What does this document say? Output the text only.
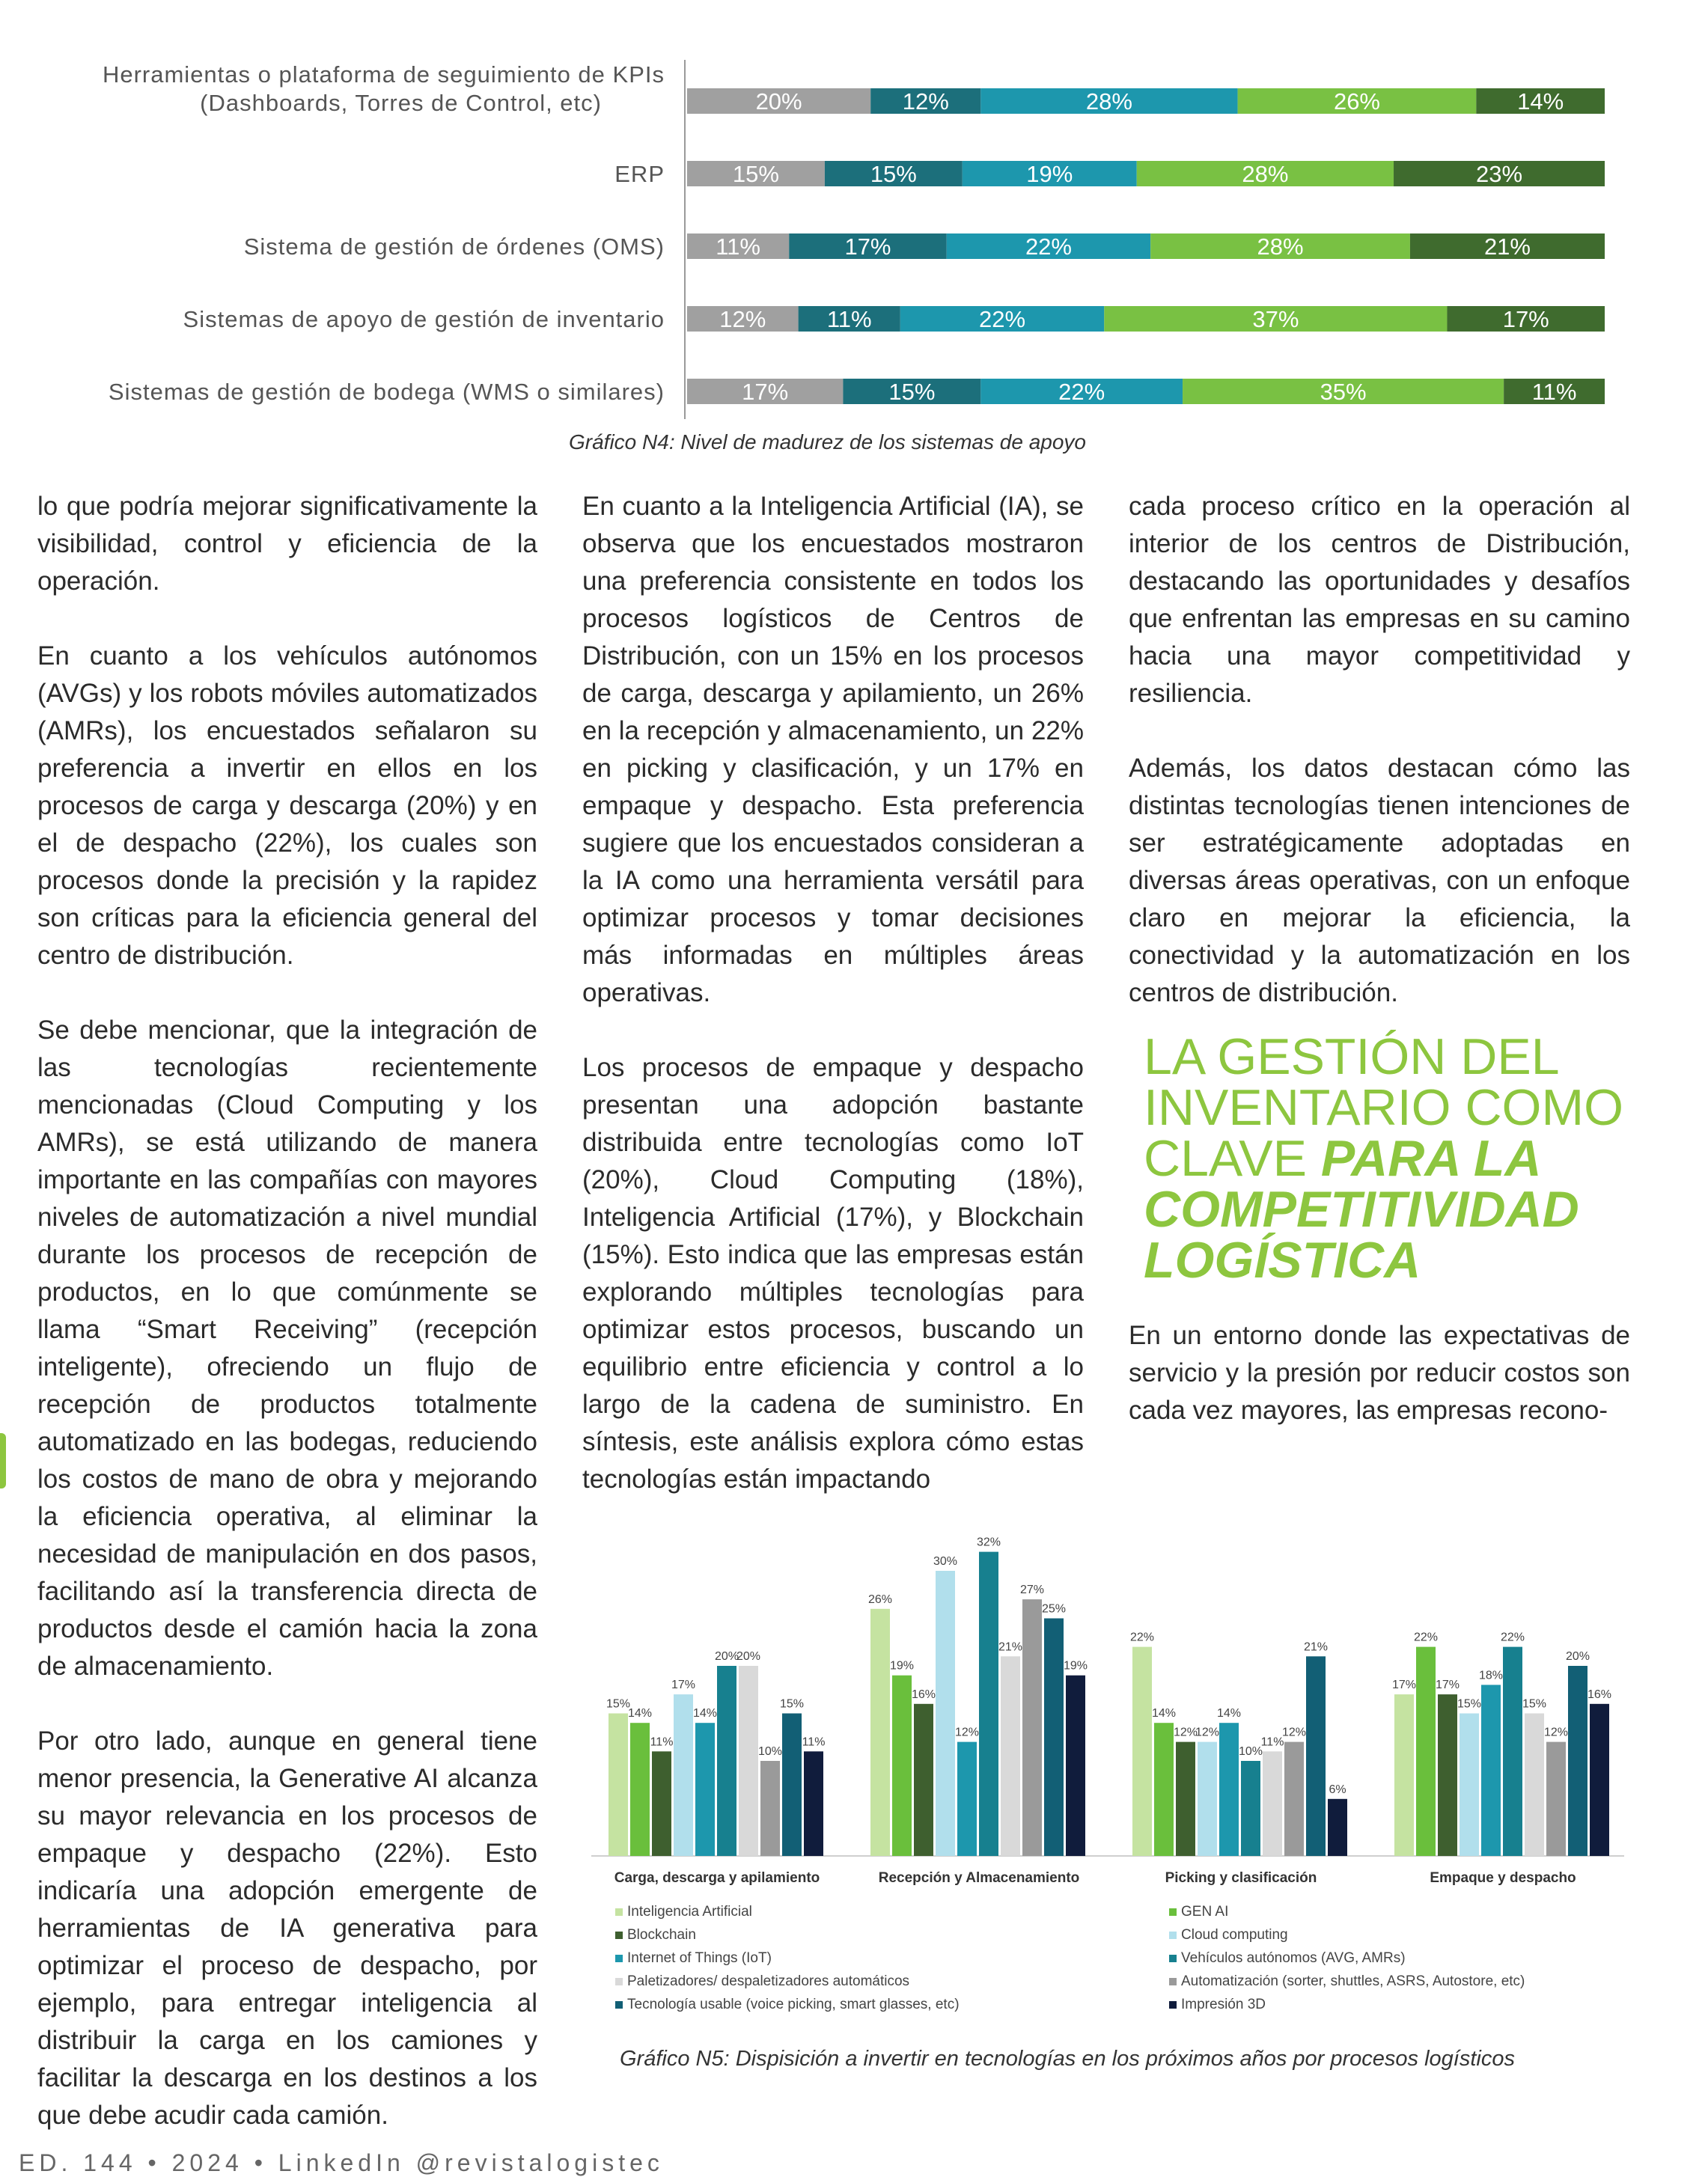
20%	12%	28%	26%	14%
Herramientas o plataforma de seguimiento de KPIs
(Dashboards, Torres de Control, etc)
15%	15%	19%	28%	23%
ERP
11%	17%	22%	28%	21%
Sistema de gestión de órdenes (OMS)
12%	11%	22%	37%	17%
Sistemas de apoyo de gestión de inventario
17%	15%	22%	35%	11%
Sistemas de gestión de bodega (WMS o similares)
Gráfico N4: Nivel de madurez de los sistemas de apoyo

lo que podría mejorar significativamente la visibilidad, control y eficiencia de la operación.

En cuanto a los vehículos autónomos (AVGs) y los robots móviles automatizados (AMRs), los encuestados señalaron su preferencia a invertir en ellos en los procesos de carga y descarga (20%) y en el de despacho (22%), los cuales son procesos donde la precisión y la rapidez son críticas para la eficiencia general del centro de distribución.

Se debe mencionar, que la integración de las tecnologías recientemente mencionadas (Cloud Computing y los AMRs), se está utilizando de manera importante en las compañías con mayores niveles de automatización a nivel mundial durante los procesos de recepción de productos, en lo que comúnmente se llama “Smart Receiving” (recepción inteligente), ofreciendo un flujo de recepción de productos totalmente automatizado en las bodegas, reduciendo los costos de mano de obra y mejorando la eficiencia operativa, al eliminar la necesidad de manipulación en dos pasos, facilitando así la transferencia directa de productos desde el camión hacia la zona de almacenamiento.

Por otro lado, aunque en general tiene menor presencia, la Generative AI alcanza su mayor relevancia en los procesos de empaque y despacho (22%). Esto indicaría una adopción emergente de herramientas de IA generativa para optimizar el proceso de despacho, por ejemplo, para entregar inteligencia al distribuir la carga en los camiones y facilitar la descarga en los destinos a los que debe acudir cada camión.

En cuanto a la Inteligencia Artificial (IA), se observa que los encuestados mostraron una preferencia consistente en todos los procesos logísticos de Centros de Distribución, con un 15% en los procesos de carga, descarga y apilamiento, un 26% en la recepción y almacenamiento, un 22% en picking y clasificación, y un 17% en empaque y despacho. Esta preferencia sugiere que los encuestados consideran a la IA como una herramienta versátil para optimizar procesos y tomar decisiones más informadas en múltiples áreas operativas.

Los procesos de empaque y despacho presentan una adopción bastante distribuida entre tecnologías como IoT (20%), Cloud Computing (18%), Inteligencia Artificial (17%), y Blockchain (15%). Esto indica que las empresas están explorando múltiples tecnologías para optimizar estos procesos, buscando un equilibrio entre eficiencia y control a lo largo de la cadena de suministro. En síntesis, este análisis explora cómo estas tecnologías están impactando

cada proceso crítico en la operación al interior de los centros de Distribución, destacando las oportunidades y desafíos que enfrentan las empresas en su camino hacia una mayor competitividad y resiliencia.

Además, los datos destacan cómo las distintas tecnologías tienen intenciones de ser estratégicamente adoptadas en diversas áreas operativas, con un enfoque claro en mejorar la eficiencia, la conectividad y la automatización en los centros de distribución.

LA GESTIÓN DEL
INVENTARIO COMO
CLAVE PARA LA
COMPETITIVIDAD
LOGÍSTICA

En un entorno donde las expectativas de servicio y la presión por reducir costos son cada vez mayores, las empresas recono-

15%
14%
11%
17%
14%
20%
20%
10%
15%
11%
Carga, descarga y apilamiento
26%
19%
16%
30%
12%
32%
21%
27%
25%
19%
Recepción y Almacenamiento
22%
14%
12%
12%
14%
10%
11%
12%
21%
6%
Picking y clasificación
17%
22%
17%
15%
18%
22%
15%
12%
20%
16%
Empaque y despacho
Inteligencia Artificial	GEN AI
Blockchain	Cloud computing
Internet of Things (IoT)	Vehículos autónomos (AVG, AMRs)
Paletizadores/ despaletizadores automáticos	Automatización (sorter, shuttles, ASRS, Autostore, etc)
Tecnología usable (voice picking, smart glasses, etc)	Impresión 3D
Gráfico N5: Dispisición a invertir en tecnologías en los próximos años por procesos logísticos
ED. 144 • 2024 • LinkedIn @revistalogistec
